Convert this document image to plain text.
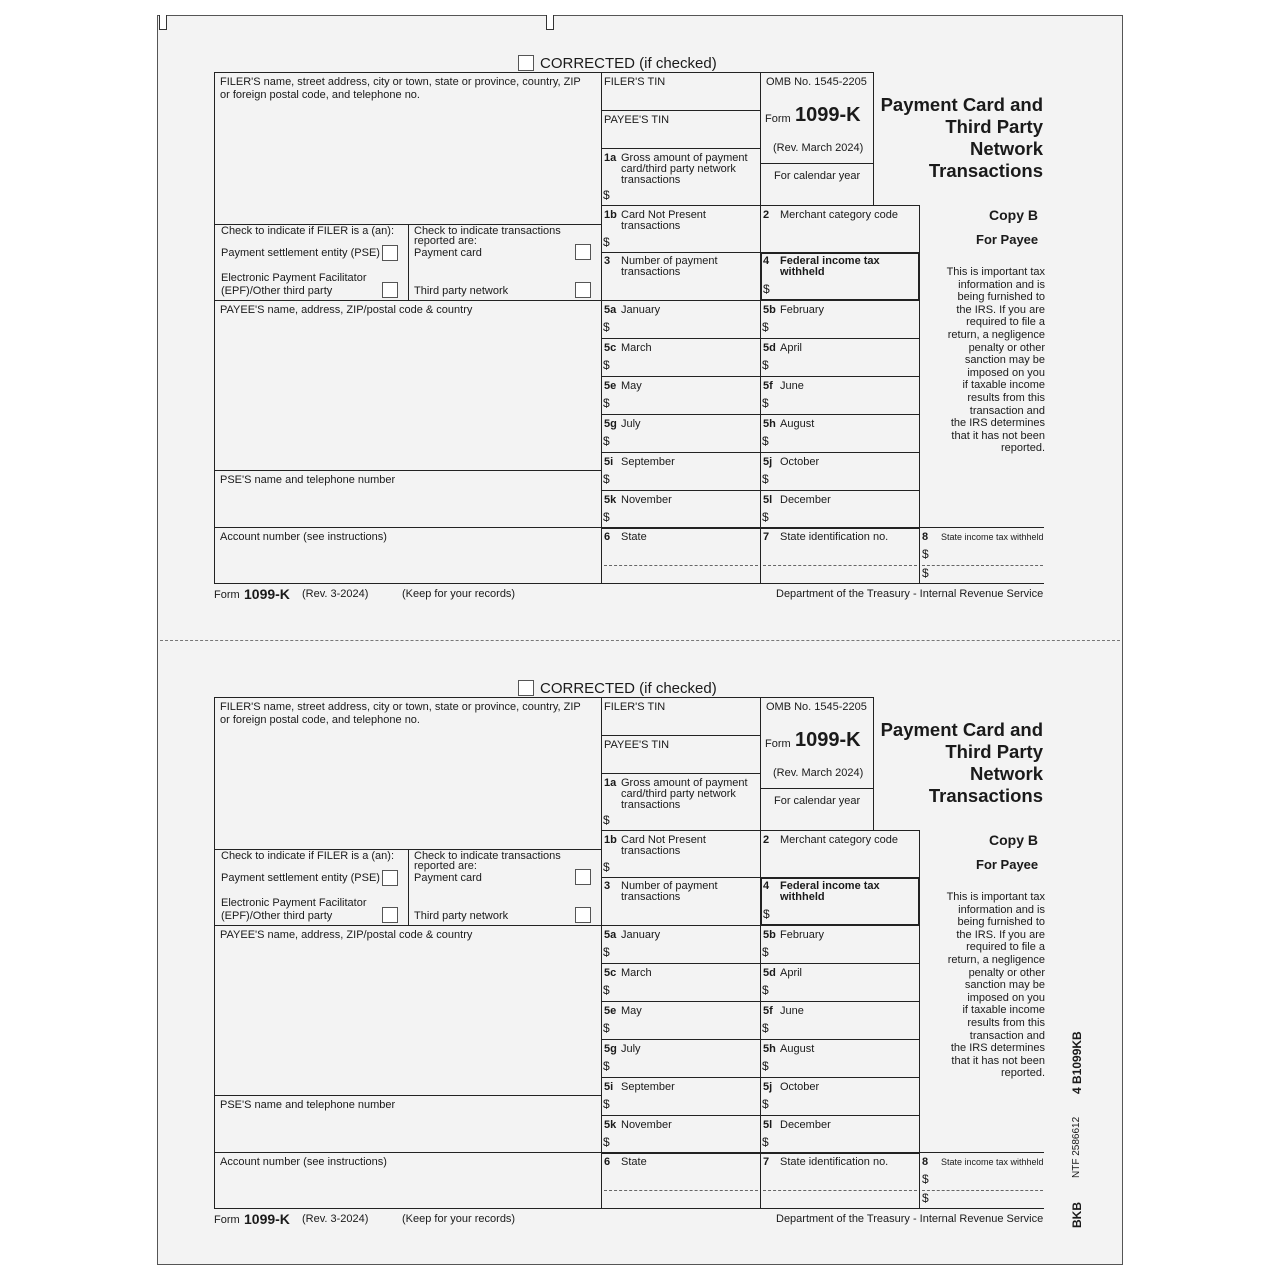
CORRECTED (if checked)
FILER'S name, street address, city or town, state or province, country, ZIP
or foreign postal code, and telephone no.
FILER'S TIN
PAYEE'S TIN
1a Gross amount of payment
card/third party network
transactions
$
OMB No. 1545-2205
Form 1099-K
(Rev. March 2024)
For calendar year
Payment Card and
Third Party
Network
Transactions
1b Card Not Present
transactions
$
2 Merchant category code
Check to indicate if FILER is a (an):
Payment settlement entity (PSE)
Electronic Payment Facilitator
(EPF)/Other third party
Check to indicate transactions
reported are:
Payment card
Third party network
3 Number of payment
transactions
4 Federal income tax
withheld
$
Copy B
For Payee
This is important tax
information and is
being furnished to
the IRS. If you are
required to file a
return, a negligence
penalty or other
sanction may be
imposed on you
if taxable income
results from this
transaction and
the IRS determines
that it has not been
reported.
PAYEE'S name, address, ZIP/postal code & country
PSE'S name and telephone number
Account number (see instructions)
5a January
$
5b February
$
5c March
$
5d April
$
5e May
$
5f June
$
5g July
$
5h August
$
5i September
$
5j October
$
5k November
$
5l December
$
6 State	7 State identification no.	8 State income tax withheld
$
$
Form 1099-K (Rev. 3-2024)	(Keep for your records)	Department of the Treasury - Internal Revenue Service
CORRECTED (if checked)
FILER'S name, street address, city or town, state or province, country, ZIP
or foreign postal code, and telephone no.
FILER'S TIN
PAYEE'S TIN
1a Gross amount of payment
card/third party network
transactions
$
OMB No. 1545-2205
Form 1099-K
(Rev. March 2024)
For calendar year
Payment Card and
Third Party
Network
Transactions
1b Card Not Present
transactions
$
2 Merchant category code
Check to indicate if FILER is a (an):
Payment settlement entity (PSE)
Electronic Payment Facilitator
(EPF)/Other third party
Check to indicate transactions
reported are:
Payment card
Third party network
3 Number of payment
transactions
4 Federal income tax
withheld
$
Copy B
For Payee
This is important tax
information and is
being furnished to
the IRS. If you are
required to file a
return, a negligence
penalty or other
sanction may be
imposed on you
if taxable income
results from this
transaction and
the IRS determines
that it has not been
reported.
PAYEE'S name, address, ZIP/postal code & country
PSE'S name and telephone number
Account number (see instructions)
5a January
$
5b February
$
5c March
$
5d April
$
5e May
$
5f June
$
5g July
$
5h August
$
5i September
$
5j October
$
5k November
$
5l December
$
6 State	7 State identification no.	8 State income tax withheld
$
$
Form 1099-K (Rev. 3-2024)	(Keep for your records)	Department of the Treasury - Internal Revenue Service
4 B1099KB
NTF 2586612
BKB
